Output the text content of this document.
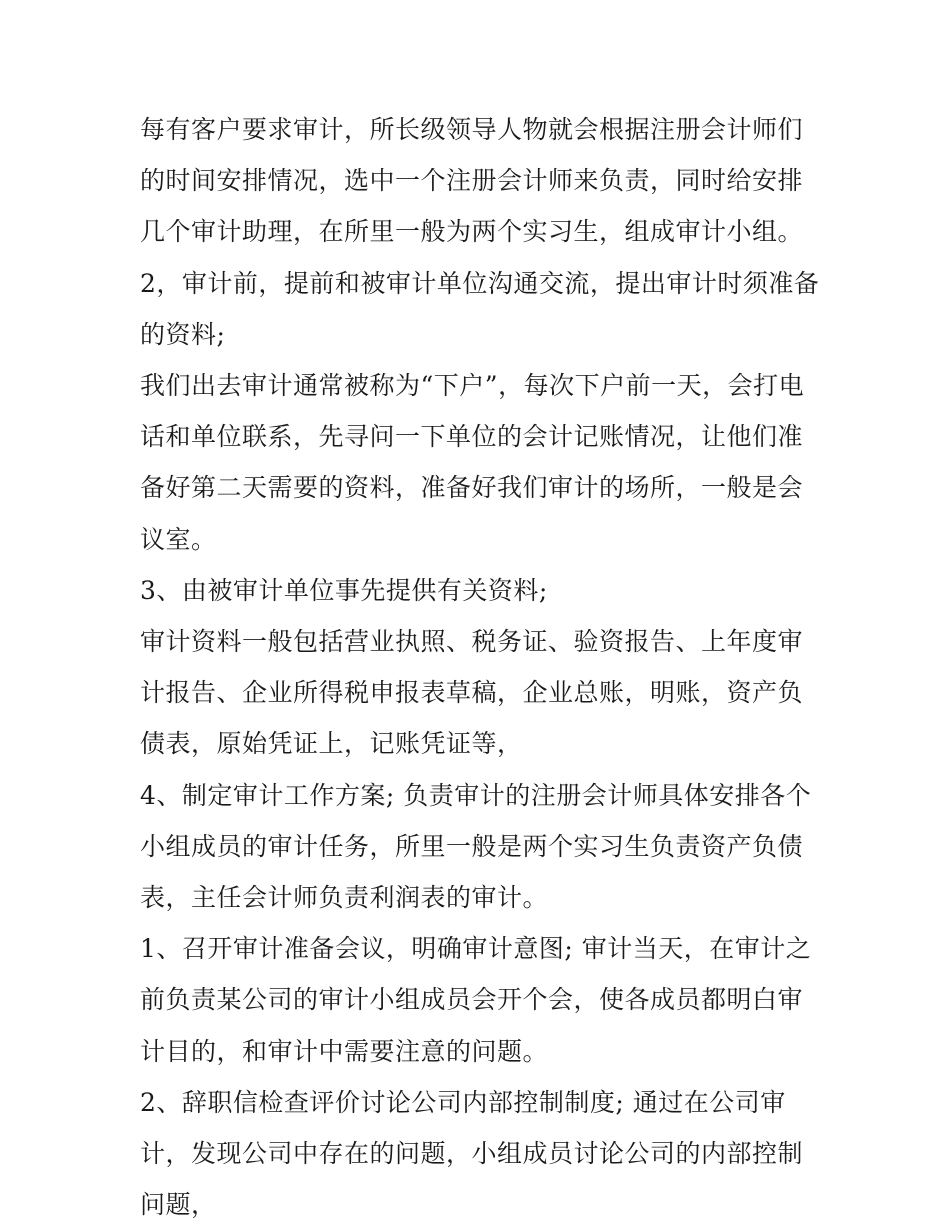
每有客户要求审计，所长级领导人物就会根据注册会计师们的时间安排情况，选中一个注册会计师来负责，同时给安排几个审计助理，在所里一般为两个实习生，组成审计小组。

2，审计前，提前和被审计单位沟通交流，提出审计时须准备的资料;

我们出去审计通常被称为“下户”，每次下户前一天，会打电话和单位联系，先寻问一下单位的会计记账情况，让他们准备好第二天需要的资料，准备好我们审计的场所，一般是会议室。

3、由被审计单位事先提供有关资料;

审计资料一般包括营业执照、税务证、验资报告、上年度审计报告、企业所得税申报表草稿，企业总账，明账，资产负债表，原始凭证上，记账凭证等，

4、制定审计工作方案; 负责审计的注册会计师具体安排各个小组成员的审计任务，所里一般是两个实习生负责资产负债表，主任会计师负责利润表的审计。

1、召开审计准备会议，明确审计意图; 审计当天，在审计之前负责某公司的审计小组成员会开个会，使各成员都明白审计目的，和审计中需要注意的问题。

2、辞职信检查评价讨论公司内部控制制度; 通过在公司审计，发现公司中存在的问题，小组成员讨论公司的内部控制问题，
